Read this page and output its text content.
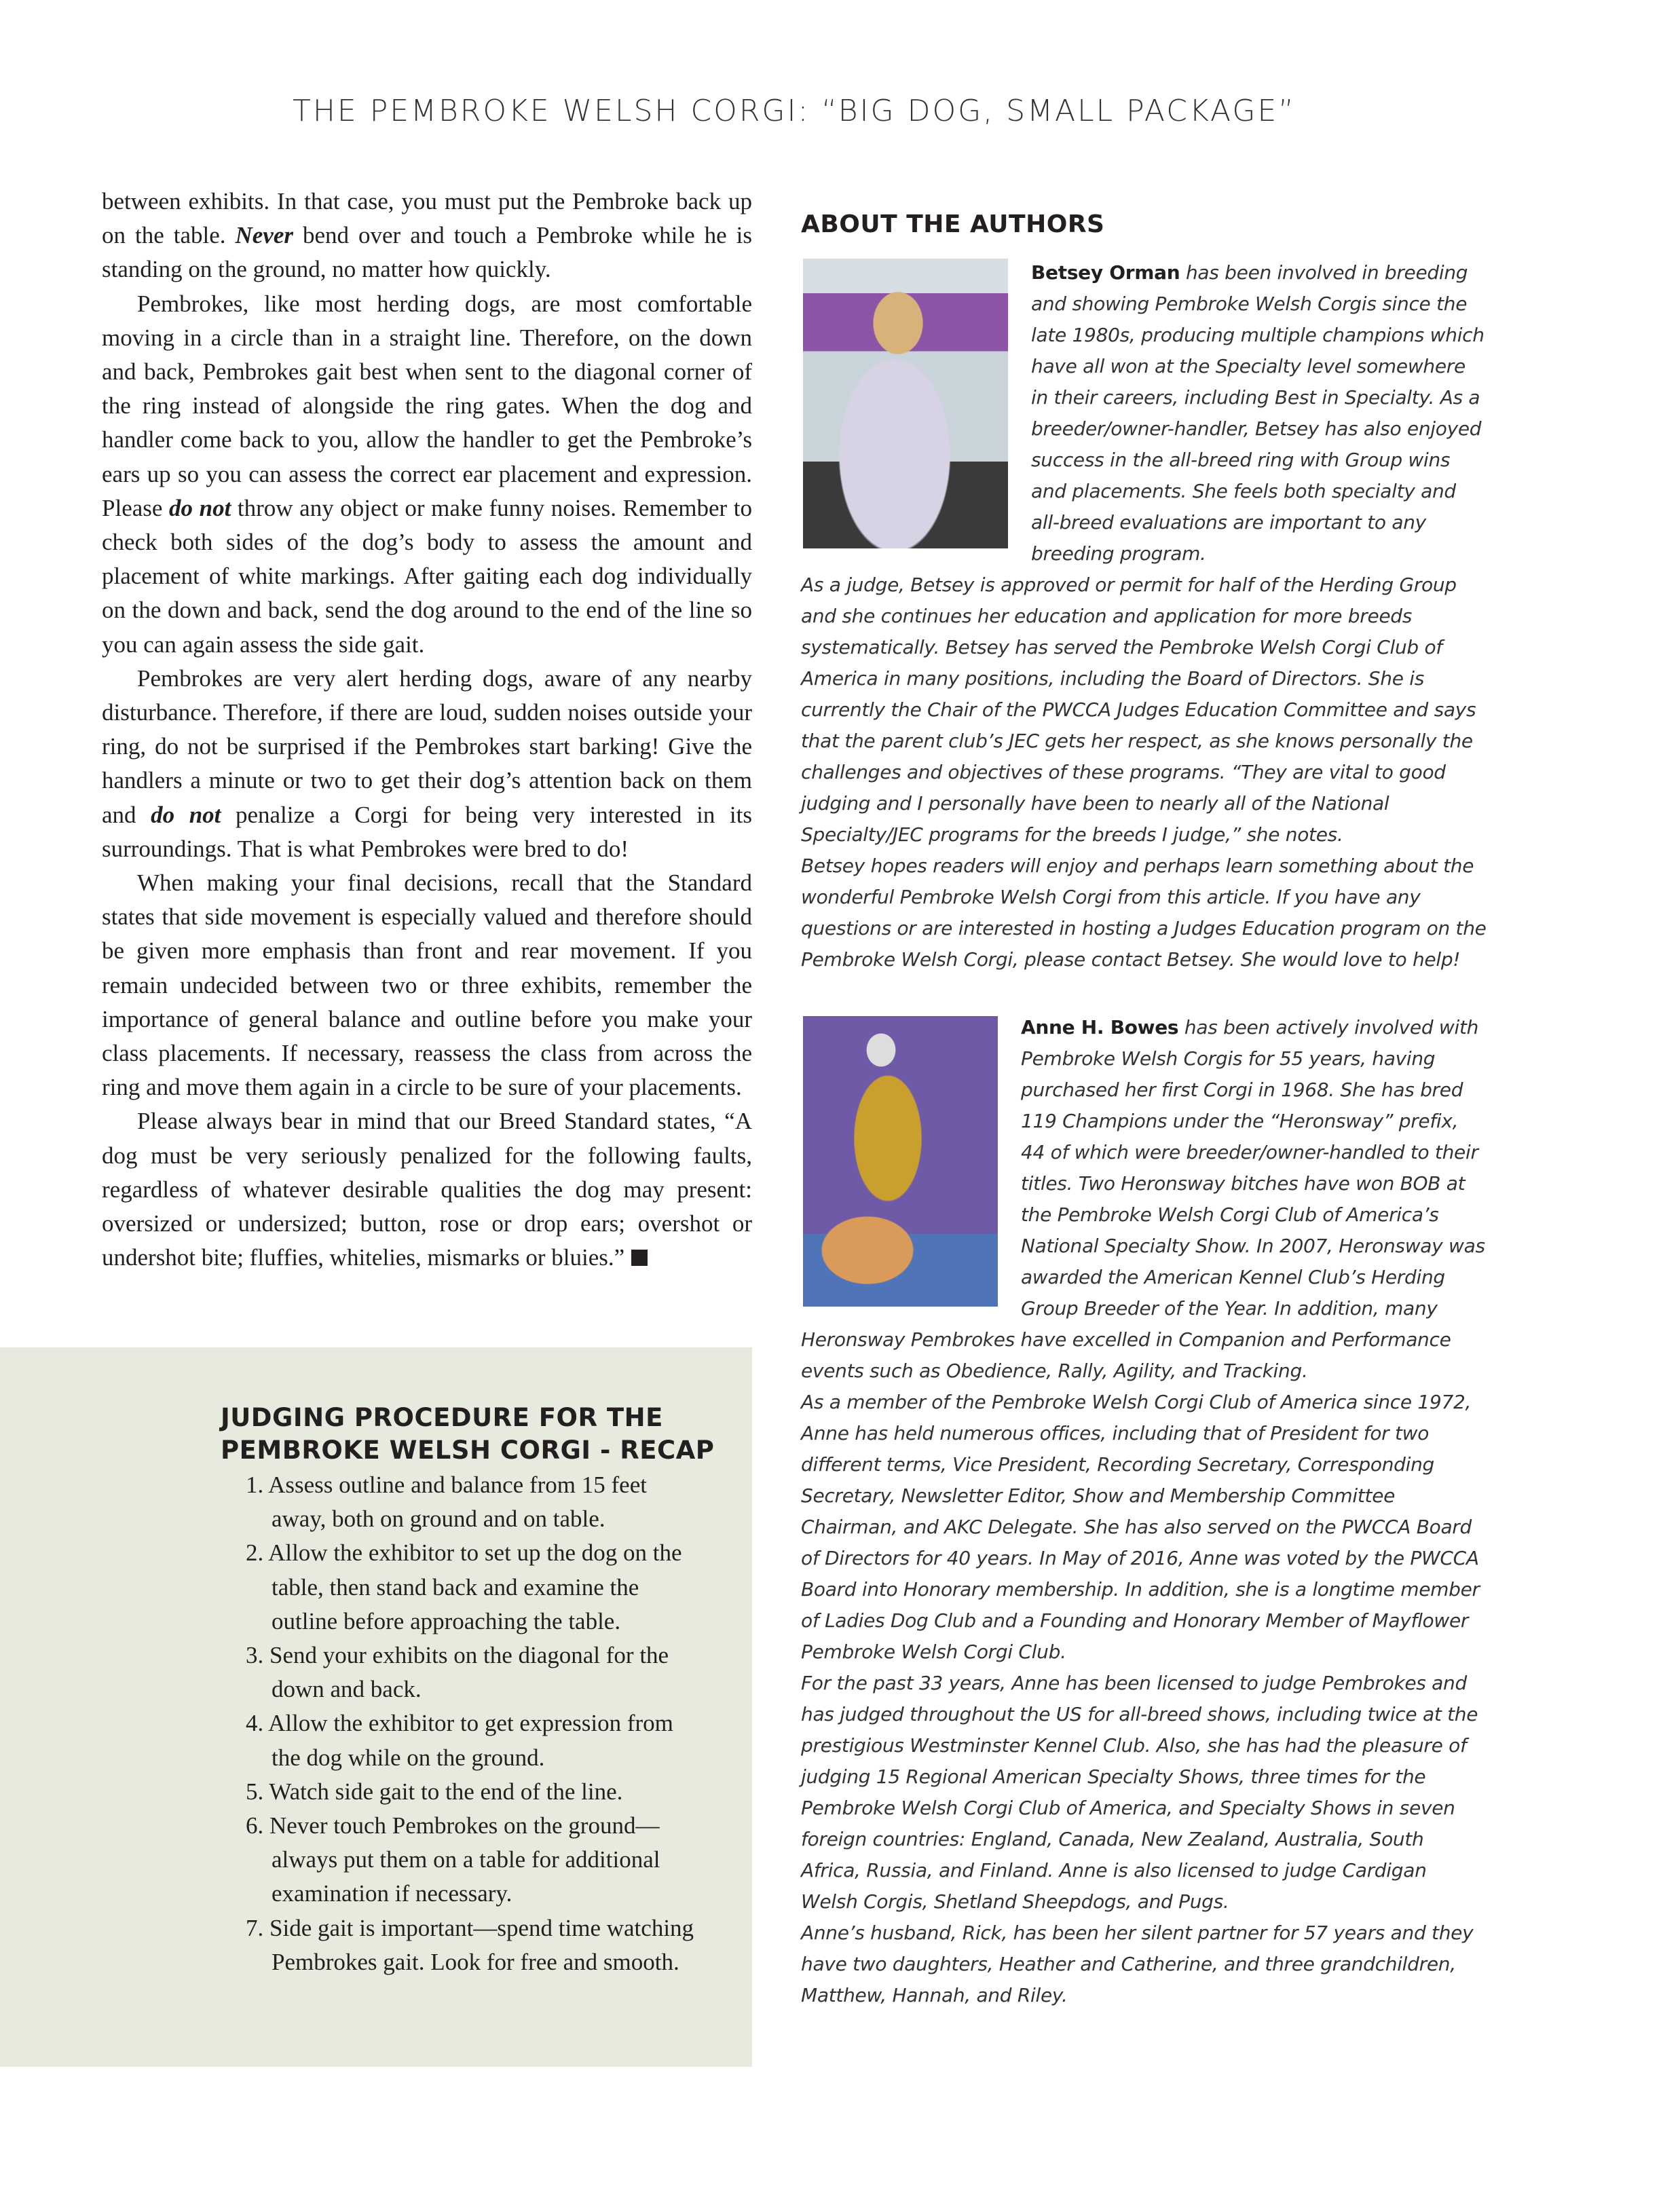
THE PEMBROKE WELSH CORGI: “BIG DOG, SMALL PACKAGE”

between exhibits. In that case, you must put the Pembroke back up on the table. Never bend over and touch a Pembroke while he is standing on the ground, no matter how quickly.

Pembrokes, like most herding dogs, are most comfortable moving in a circle than in a straight line. Therefore, on the down and back, Pembrokes gait best when sent to the diagonal corner of the ring instead of alongside the ring gates. When the dog and handler come back to you, allow the handler to get the Pembroke’s ears up so you can assess the correct ear placement and expression. Please do not throw any object or make funny noises. Remember to check both sides of the dog’s body to assess the amount and placement of white markings. After gaiting each dog individually on the down and back, send the dog around to the end of the line so you can again assess the side gait.

Pembrokes are very alert herding dogs, aware of any nearby disturbance. Therefore, if there are loud, sudden noises outside your ring, do not be surprised if the Pembrokes start barking! Give the handlers a minute or two to get their dog’s attention back on them and do not penalize a Corgi for being very interested in its surroundings. That is what Pembrokes were bred to do!

When making your final decisions, recall that the Standard states that side movement is especially valued and therefore should be given more emphasis than front and rear movement. If you remain undecided between two or three exhibits, remember the importance of general balance and outline before you make your class placements. If necessary, reassess the class from across the ring and move them again in a circle to be sure of your placements.

Please always bear in mind that our Breed Standard states, “A dog must be very seriously penalized for the following faults, regardless of whatever desirable qualities the dog may present: oversized or undersized; button, rose or drop ears; overshot or undershot bite; fluffies, whitelies, mismarks or bluies.”

JUDGING PROCEDURE FOR THE
PEMBROKE WELSH CORGI - RECAP
1. Assess outline and balance from 15 feet away, both on ground and on table.
2. Allow the exhibitor to set up the dog on the table, then stand back and examine the outline before approaching the table.
3. Send your exhibits on the diagonal for the down and back.
4. Allow the exhibitor to get expression from the dog while on the ground.
5. Watch side gait to the end of the line.
6. Never touch Pembrokes on the ground—always put them on a table for additional examination if necessary.
7. Side gait is important—spend time watching Pembrokes gait. Look for free and smooth.
ABOUT THE AUTHORS

Betsey Orman has been involved in breeding and showing Pembroke Welsh Corgis since the late 1980s, producing multiple champions which have all won at the Specialty level somewhere in their careers, including Best in Specialty. As a breeder/owner-handler, Betsey has also enjoyed success in the all-breed ring with Group wins and placements. She feels both specialty and all-breed evaluations are important to any breeding program.

As a judge, Betsey is approved or permit for half of the Herding Group and she continues her education and application for more breeds systematically. Betsey has served the Pembroke Welsh Corgi Club of America in many positions, including the Board of Directors. She is currently the Chair of the PWCCA Judges Education Committee and says that the parent club’s JEC gets her respect, as she knows personally the challenges and objectives of these programs. “They are vital to good judging and I personally have been to nearly all of the National Specialty/JEC programs for the breeds I judge,” she notes.

Betsey hopes readers will enjoy and perhaps learn something about the wonderful Pembroke Welsh Corgi from this article. If you have any questions or are interested in hosting a Judges Education program on the Pembroke Welsh Corgi, please contact Betsey. She would love to help!

Anne H. Bowes has been actively involved with Pembroke Welsh Corgis for 55 years, having purchased her first Corgi in 1968. She has bred 119 Champions under the “Heronsway” prefix, 44 of which were breeder/owner-handled to their titles. Two Heronsway bitches have won BOB at the Pembroke Welsh Corgi Club of America’s National Specialty Show. In 2007, Heronsway was awarded the American Kennel Club’s Herding Group Breeder of the Year. In addition, many Heronsway Pembrokes have excelled in Companion and Performance events such as Obedience, Rally, Agility, and Tracking.

As a member of the Pembroke Welsh Corgi Club of America since 1972, Anne has held numerous offices, including that of President for two different terms, Vice President, Recording Secretary, Corresponding Secretary, Newsletter Editor, Show and Membership Committee Chairman, and AKC Delegate. She has also served on the PWCCA Board of Directors for 40 years. In May of 2016, Anne was voted by the PWCCA Board into Honorary membership. In addition, she is a longtime member of Ladies Dog Club and a Founding and Honorary Member of Mayflower Pembroke Welsh Corgi Club.

For the past 33 years, Anne has been licensed to judge Pembrokes and has judged throughout the US for all-breed shows, including twice at the prestigious Westminster Kennel Club. Also, she has had the pleasure of judging 15 Regional American Specialty Shows, three times for the Pembroke Welsh Corgi Club of America, and Specialty Shows in seven foreign countries: England, Canada, New Zealand, Australia, South Africa, Russia, and Finland. Anne is also licensed to judge Cardigan Welsh Corgis, Shetland Sheepdogs, and Pugs.

Anne’s husband, Rick, has been her silent partner for 57 years and they have two daughters, Heather and Catherine, and three grandchildren, Matthew, Hannah, and Riley.
